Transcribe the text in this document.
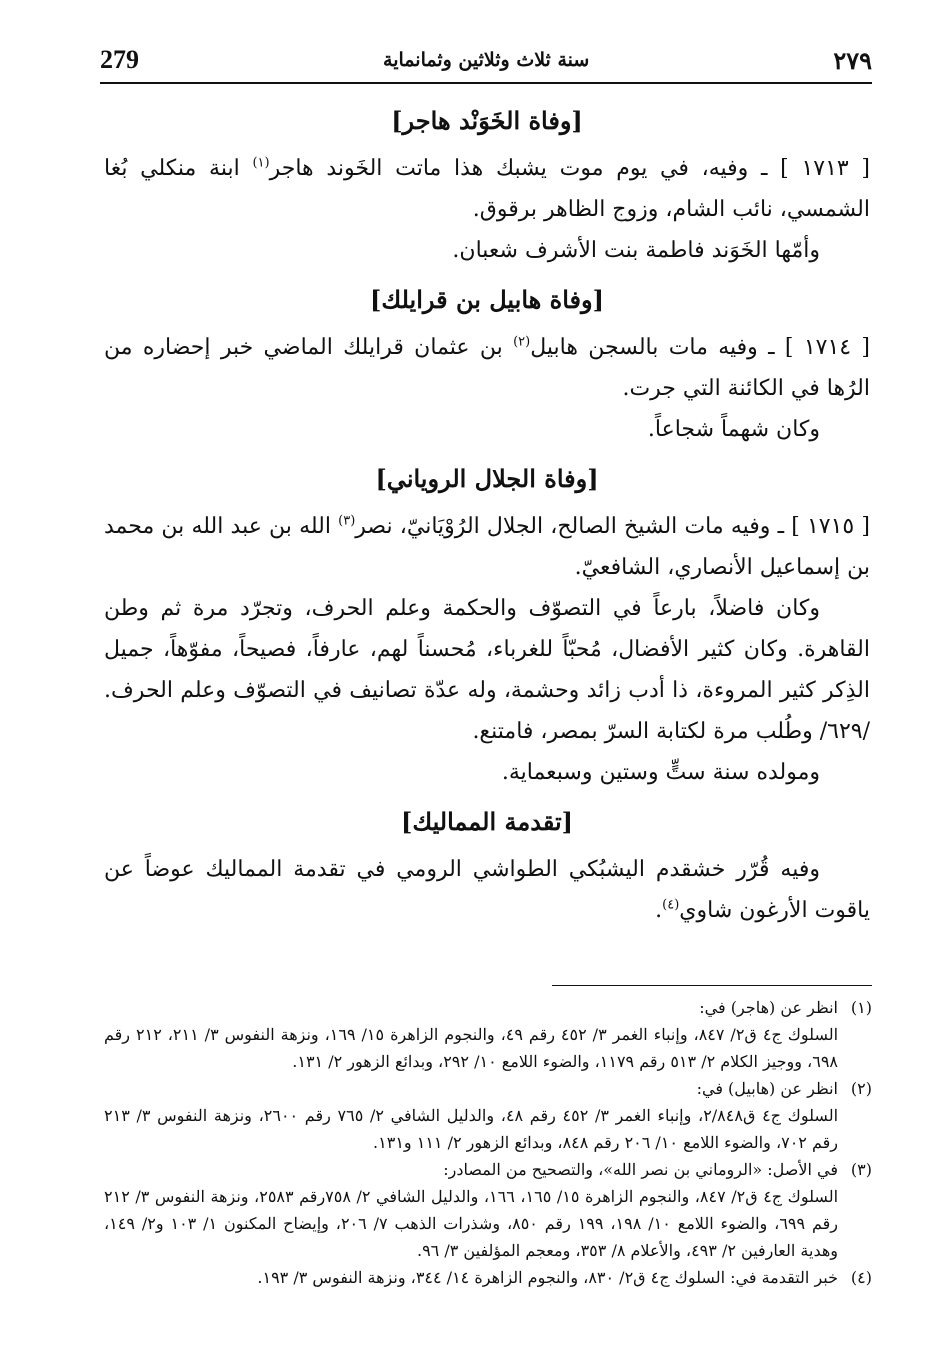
279	سنة ثلاث وثلاثين وثمانماية	٢٧٩
[وفاة الخَوَنْد هاجر]

[ ١٧١٣ ] ـ وفيه، في يوم موت يشبك هذا ماتت الخَوند هاجر$^{(١)}$ ابنة منكلي بُغا الشمسي، نائب الشام، وزوج الظاهر برقوق.

وأمّها الخَوَند فاطمة بنت الأشرف شعبان.

[وفاة هابيل بن قرايلك]

[ ١٧١٤ ] ـ وفيه مات بالسجن هابيل$^{(٢)}$ بن عثمان قرايلك الماضي خبر إحضاره من الرُها في الكائنة التي جرت.

وكان شهماً شجاعاً.

[وفاة الجلال الروياني]

[ ١٧١٥ ] ـ وفيه مات الشيخ الصالح، الجلال الرُوْيَانيّ، نصر$^{(٣)}$ الله بن عبد الله بن محمد بن إسماعيل الأنصاري، الشافعيّ.

وكان فاضلاً، بارعاً في التصوّف والحكمة وعلم الحرف، وتجرّد مرة ثم وطن القاهرة. وكان كثير الأفضال، مُحبّاً للغرباء، مُحسناً لهم، عارفاً، فصيحاً، مفوّهاً، جميل الذِكر كثير المروءة، ذا أدب زائد وحشمة، وله عدّة تصانيف في التصوّف وعلم الحرف. /٦٢٩/ وطُلب مرة لكتابة السرّ بمصر، فامتنع.

ومولده سنة ستٍّ وستين وسبعماية.

[تقدمة المماليك]

وفيه قُرّر خشقدم اليشبُكي الطواشي الرومي في تقدمة المماليك عوضاً عن ياقوت الأرغون شاوي$^{(٤)}$.

(١)
انظر عن (هاجر) في:
السلوك ج٤ ق٢/ ٨٤٧، وإنباء الغمر ٣/ ٤٥٢ رقم ٤٩، والنجوم الزاهرة ١٥/ ١٦٩، ونزهة النفوس ٣/ ٢١١، ٢١٢ رقم ٦٩٨، ووجيز الكلام ٢/ ٥١٣ رقم ١١٧٩، والضوء اللامع ١٠/ ٢٩٢، وبدائع الزهور ٢/ ١٣١.
(٢)
انظر عن (هابيل) في:
السلوك ج٤ ق٢/٨٤٨، وإنباء الغمر ٣/ ٤٥٢ رقم ٤٨، والدليل الشافي ٢/ ٧٦٥ رقم ٢٦٠٠، ونزهة النفوس ٣/ ٢١٣ رقم ٧٠٢، والضوء اللامع ١٠/ ٢٠٦ رقم ٨٤٨، وبدائع الزهور ٢/ ١١١ و١٣١.
(٣)
في الأصل: «الروماني بن نصر الله»، والتصحيح من المصادر:
السلوك ج٤ ق٢/ ٨٤٧، والنجوم الزاهرة ١٥/ ١٦٥، ١٦٦، والدليل الشافي ٢/ ٧٥٨رقم ٢٥٨٣، ونزهة النفوس ٣/ ٢١٢ رقم ٦٩٩، والضوء اللامع ١٠/ ١٩٨، ١٩٩ رقم ٨٥٠، وشذرات الذهب ٧/ ٢٠٦، وإيضاح المكنون ١/ ١٠٣ و٢/ ١٤٩، وهدية العارفين ٢/ ٤٩٣، والأعلام ٨/ ٣٥٣، ومعجم المؤلفين ٣/ ٩٦.
(٤)
خبر التقدمة في: السلوك ج٤ ق٢/ ٨٣٠، والنجوم الزاهرة ١٤/ ٣٤٤، ونزهة النفوس ٣/ ١٩٣.
